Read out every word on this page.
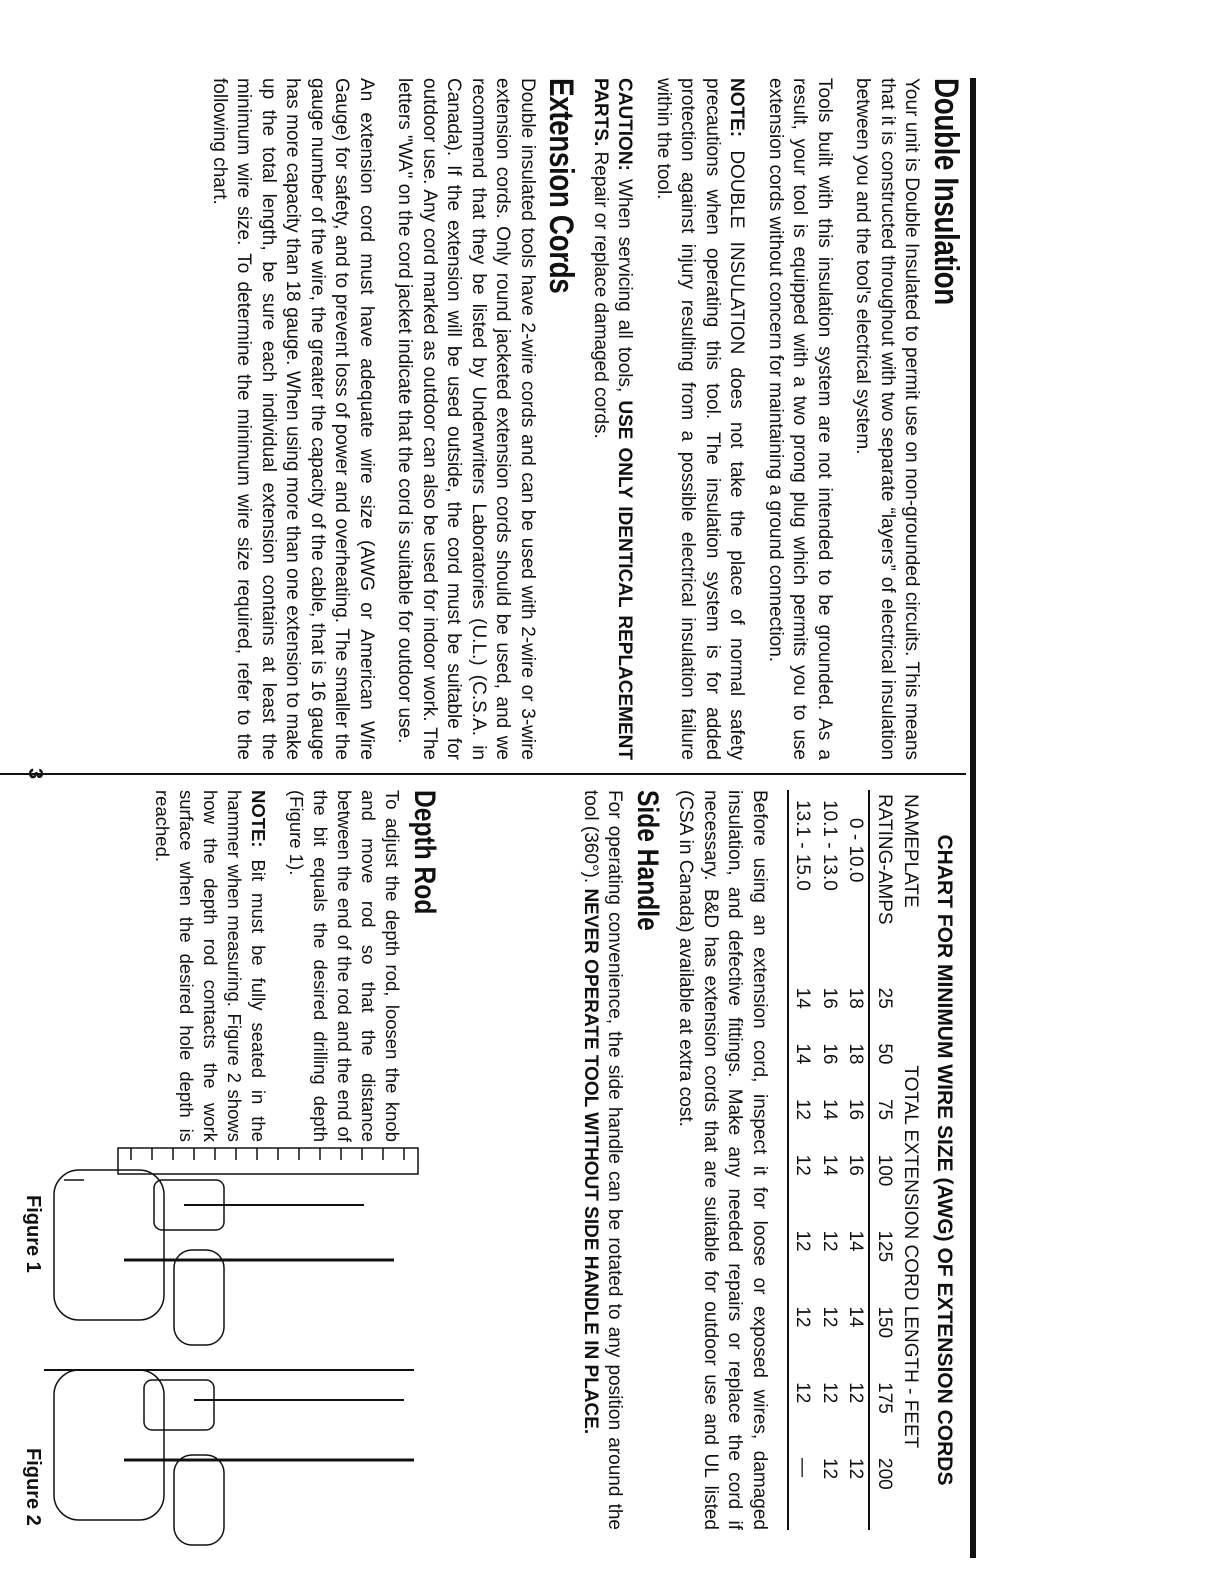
Double Insulation

Your unit is Double Insulated to permit use on non-grounded circuits. This means that it is constructed throughout with two separate “layers” of electrical insulation between you and the tool's electrical system.

Tools built with this insulation system are not intended to be grounded. As a result, your tool is equipped with a two prong plug which permits you to use extension cords without concern for maintaining a ground connection.

NOTE: DOUBLE INSULATION does not take the place of normal safety precautions when operating this tool. The insulation system is for added protection against injury resulting from a possible electrical insulation failure within the tool.

CAUTION: When servicing all tools, USE ONLY IDENTICAL REPLACEMENT PARTS. Repair or replace damaged cords.

Extension Cords

Double insulated tools have 2-wire cords and can be used with 2-wire or 3-wire extension cords. Only round jacketed extension cords should be used, and we recommend that they be listed by Underwriters Laboratories (U.L.) (C.S.A. in Canada). If the extension will be used outside, the cord must be suitable for outdoor use. Any cord marked as outdoor can also be used for indoor work. The letters "WA" on the cord jacket indicate that the cord is suitable for outdoor use.

An extension cord must have adequate wire size (AWG or American Wire Gauge) for safety, and to prevent loss of power and overheating. The smaller the gauge number of the wire, the greater the capacity of the cable, that is 16 gauge has more capacity than 18 gauge. When using more than one extension to make up the total length, be sure each individual extension contains at least the minimum wire size. To determine the minimum wire size required, refer to the following chart.

CHART FOR MINIMUM WIRE SIZE (AWG) OF EXTENSION CORDS
NAMEPLATE	TOTAL EXTENSION CORD LENGTH - FEET							
RATING-AMPS	25	50	75	100	125	150	175	200
0 - 10.0	18	18	16	16	14	14	12	12
10.1 - 13.0	16	16	14	14	12	12	12	12
13.1 - 15.0	14	14	12	12	12	12	12	—

Before using an extension cord, inspect it for loose or exposed wires, damaged insulation, and defective fittings. Make any needed repairs or replace the cord if necessary. B&D has extension cords that are suitable for outdoor use and UL listed (CSA in Canada) available at extra cost.

Side Handle

For operating convenience, the side handle can be rotated to any position around the tool (360°). NEVER OPERATE TOOL WITHOUT SIDE HANDLE IN PLACE.

Depth Rod

To adjust the depth rod, loosen the knob and move rod so that the distance between the end of the rod and the end of the bit equals the desired drilling depth (Figure 1).

NOTE: Bit must be fully seated in the hammer when measuring. Figure 2 shows how the depth rod contacts the work surface when the desired hole depth is reached.

Figure 1
Figure 2
3
